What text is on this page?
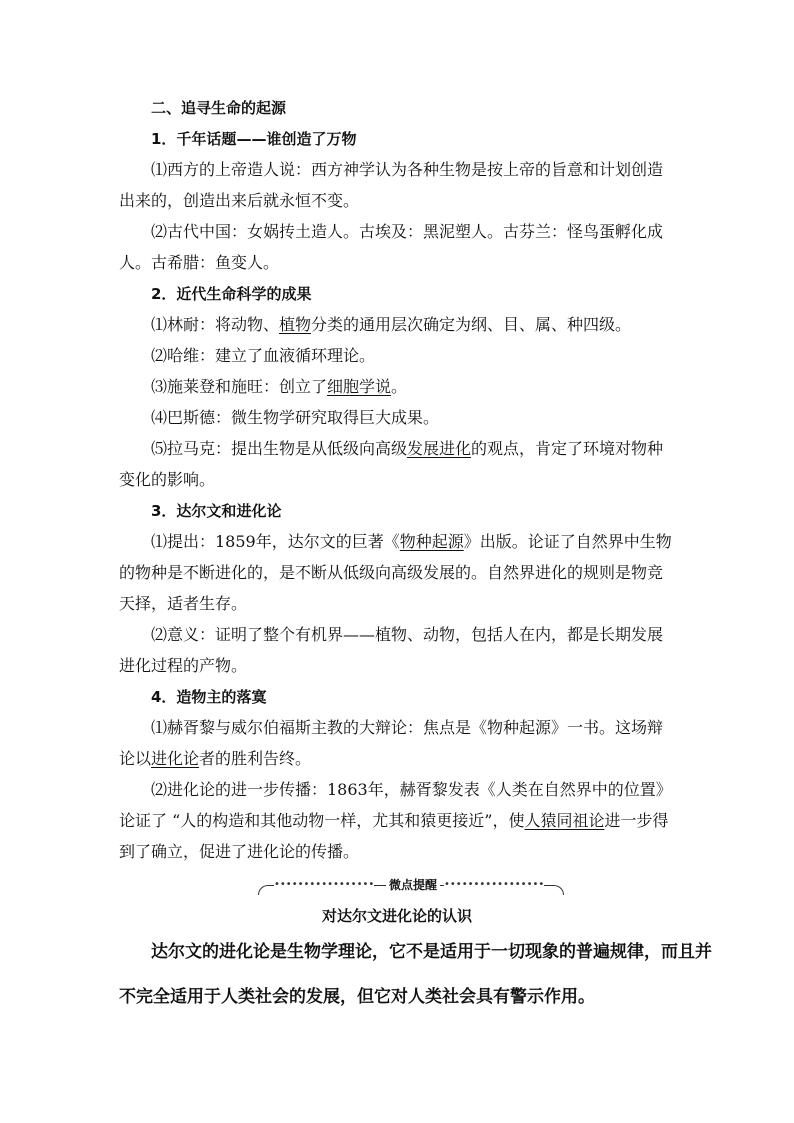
二、追寻生命的起源
1．千年话题——谁创造了万物
⑴西方的上帝造人说：西方神学认为各种生物是按上帝的旨意和计划创造
出来的，创造出来后就永恒不变。
⑵古代中国：女娲抟土造人。古埃及：黑泥塑人。古芬兰：怪鸟蛋孵化成
人。古希腊：鱼变人。
2．近代生命科学的成果
⑴林耐：将动物、植物分类的通用层次确定为纲、目、属、种四级。
⑵哈维：建立了血液循环理论。
⑶施莱登和施旺：创立了细胞学说。
⑷巴斯德：微生物学研究取得巨大成果。
⑸拉马克：提出生物是从低级向高级发展进化的观点，肯定了环境对物种
变化的影响。
3．达尔文和进化论
⑴提出：1859年，达尔文的巨著《物种起源》出版。论证了自然界中生物
的物种是不断进化的，是不断从低级向高级发展的。自然界进化的规则是物竞
天择，适者生存。
⑵意义：证明了整个有机界——植物、动物，包括人在内，都是长期发展
进化过程的产物。
4．造物主的落寞
⑴赫胥黎与威尔伯福斯主教的大辩论：焦点是《物种起源》一书。这场辩
论以进化论者的胜利告终。
⑵进化论的进一步传播：1863年，赫胥黎发表《人类在自然界中的位置》
论证了 “人的构造和其他动物一样，尤其和猿更接近”，使人猿同祖论进一步得
到了确立，促进了进化论的传播。
••••••••••••••••• 微点提醒 •••••••••••••••••
对达尔文进化论的认识
达尔文的进化论是生物学理论，它不是适用于一切现象的普遍规律，而且并
不完全适用于人类社会的发展，但它对人类社会具有警示作用。
